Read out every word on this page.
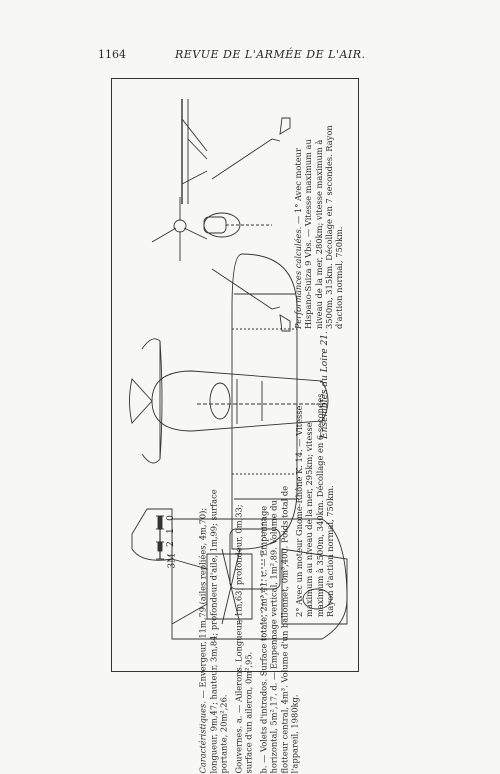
1164	REVUE DE L'ARMÉE DE L'AIR.
0
1
2
3M
Ensembles du Loire 21.

Caractéristiques. — Envergeur, 11m,79 (ailes repliées, 4m,70); longueur, 9m,47; hauteur, 3m,84; profondeur d'aile, 1m,99; surface portante, 20m²,26. Gouvernes. a. — Ailerons. Longueur, 1m,63; profondeur, 0m,33; surface d'un aileron, 0m²,95. b. — Volets d'intrados. Surface totale, 2m²,41. c. — Empennage horizontal, 5m²,17. d. — Empennage vertical, 1m²,89. Volume du flotteur central, 4m³. Volume d'un ballonnet, 0m³,400. Poids total de l'appareil, 1980kg.

Performances calculées. — 1° Avec moteur Hispano-Suiza 9 Vbs. — Vitesse maximum au niveau de la mer, 280km; vitesse maximum à 3500m, 315km. Décollage en 7 secondes. Rayon d'action normal, 750km.
2° Avec un moteur Gnome-Rhône K. 14. — Vitesse maximum au niveau de la mer, 295km; vitesse maximum à 3500m, 340km. Décollage en 6 secondes. Rayon d'action normal, 750km.
